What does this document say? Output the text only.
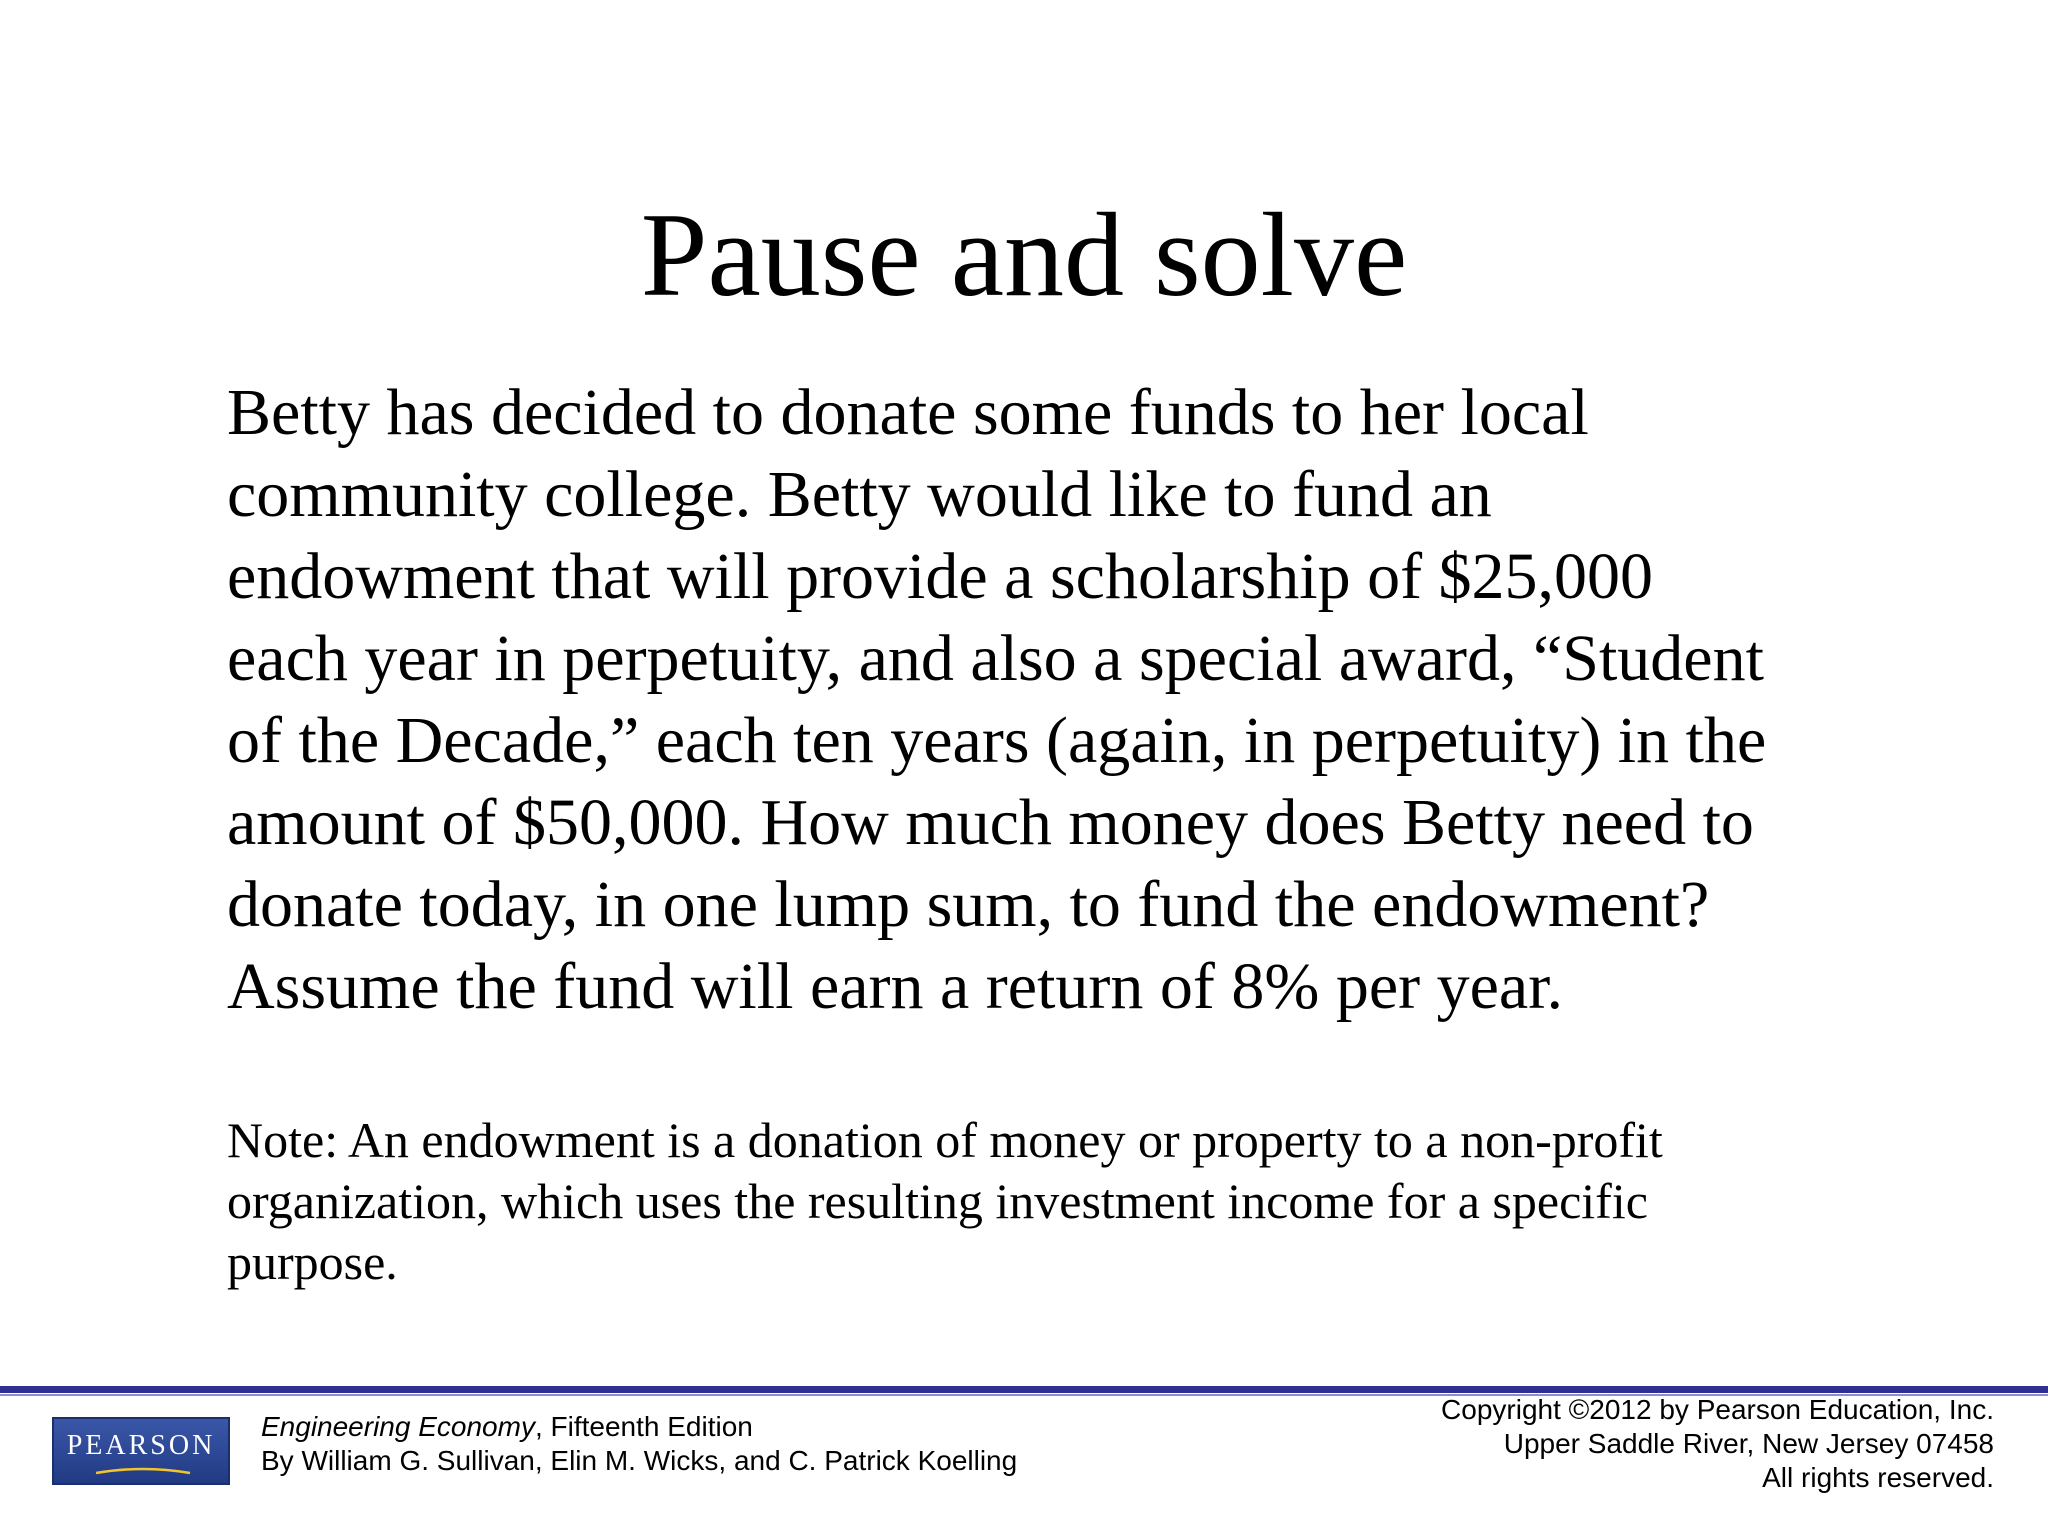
Pause and solve
Betty has decided to donate some funds to her local
community college. Betty would like to fund an
endowment that will provide a scholarship of $25,000
each year in perpetuity, and also a special award, “Student
of the Decade,” each ten years (again, in perpetuity) in the
amount of $50,000. How much money does Betty need to
donate today, in one lump sum, to fund the endowment?
Assume the fund will earn a return of 8% per year.
Note: An endowment is a donation of money or property to a non-profit
organization, which uses the resulting investment income for a specific
purpose.
PEARSON
Engineering Economy, Fifteenth Edition
By William G. Sullivan, Elin M. Wicks, and C. Patrick Koelling
Copyright ©2012 by Pearson Education, Inc.
Upper Saddle River, New Jersey 07458
All rights reserved.
